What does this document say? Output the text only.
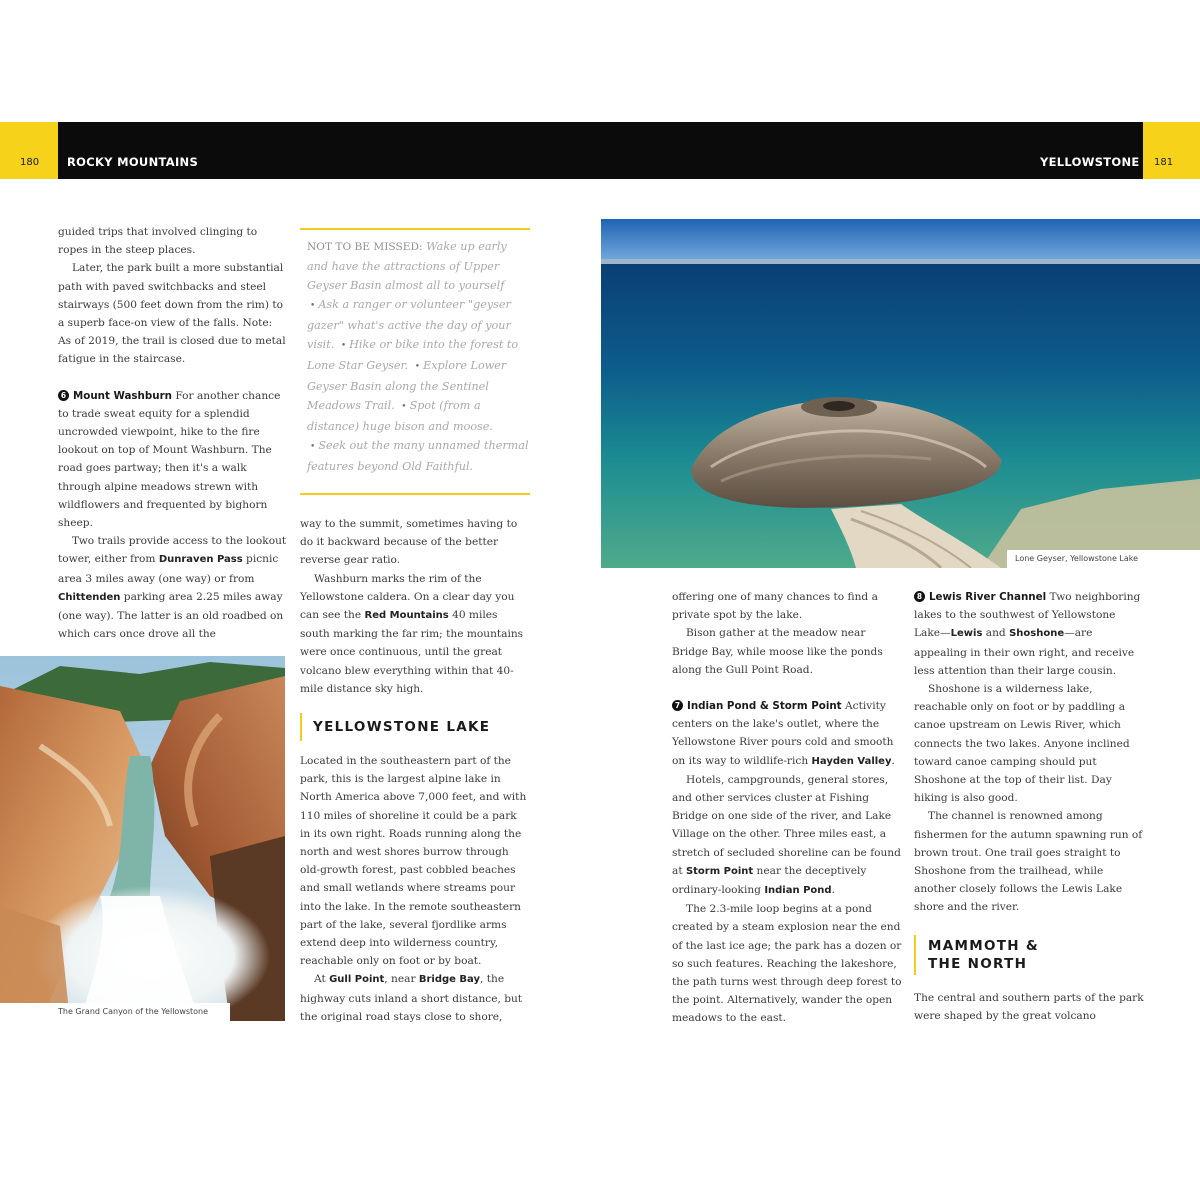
180 ROCKY MOUNTAINS	YELLOWSTONE 181

guided trips that involved clinging to ropes in the steep places.

Later, the park built a more substantial path with paved switchbacks and steel stairways (500 feet down from the rim) to a superb face-on view of the falls. Note: As of 2019, the trail is closed due to metal fatigue in the staircase.

6 Mount Washburn For another chance to trade sweat equity for a splendid uncrowded viewpoint, hike to the fire lookout on top of Mount Washburn. The road goes partway; then it's a walk through alpine meadows strewn with wildflowers and frequented by bighorn sheep.

Two trails provide access to the lookout tower, either from Dunraven Pass picnic area 3 miles away (one way) or from Chittenden parking area 2.25 miles away (one way). The latter is an old roadbed on which cars once drove all the

The Grand Canyon of the Yellowstone
NOT TO BE MISSED: Wake up early and have the attractions of Upper Geyser Basin almost all to yourself • Ask a ranger or volunteer "geyser gazer" what's active the day of your visit. • Hike or bike into the forest to Lone Star Geyser. • Explore Lower Geyser Basin along the Sentinel Meadows Trail. • Spot (from a distance) huge bison and moose. • Seek out the many unnamed thermal features beyond Old Faithful.

way to the summit, sometimes having to do it backward because of the better reverse gear ratio.

Washburn marks the rim of the Yellowstone caldera. On a clear day you can see the Red Mountains 40 miles south marking the far rim; the mountains were once continuous, until the great volcano blew everything within that 40-mile distance sky high.

YELLOWSTONE LAKE

Located in the southeastern part of the park, this is the largest alpine lake in North America above 7,000 feet, and with 110 miles of shoreline it could be a park in its own right. Roads running along the north and west shores burrow through old-growth forest, past cobbled beaches and small wetlands where streams pour into the lake. In the remote southeastern part of the lake, several fjordlike arms extend deep into wilderness country, reachable only on foot or by boat.

At Gull Point, near Bridge Bay, the highway cuts inland a short distance, but the original road stays close to shore,

Lone Geyser, Yellowstone Lake

offering one of many chances to find a private spot by the lake.

Bison gather at the meadow near Bridge Bay, while moose like the ponds along the Gull Point Road.

7 Indian Pond & Storm Point Activity centers on the lake's outlet, where the Yellowstone River pours cold and smooth on its way to wildlife-rich Hayden Valley.

Hotels, campgrounds, general stores, and other services cluster at Fishing Bridge on one side of the river, and Lake Village on the other. Three miles east, a stretch of secluded shoreline can be found at Storm Point near the deceptively ordinary-looking Indian Pond.

The 2.3-mile loop begins at a pond created by a steam explosion near the end of the last ice age; the park has a dozen or so such features. Reaching the lakeshore, the path turns west through deep forest to the point. Alternatively, wander the open meadows to the east.

8 Lewis River Channel Two neighboring lakes to the southwest of Yellowstone Lake—Lewis and Shoshone—are appealing in their own right, and receive less attention than their large cousin.

Shoshone is a wilderness lake, reachable only on foot or by paddling a canoe upstream on Lewis River, which connects the two lakes. Anyone inclined toward canoe camping should put Shoshone at the top of their list. Day hiking is also good.

The channel is renowned among fishermen for the autumn spawning run of brown trout. One trail goes straight to Shoshone from the trailhead, while another closely follows the Lewis Lake shore and the river.

MAMMOTH &
THE NORTH

The central and southern parts of the park were shaped by the great volcano
